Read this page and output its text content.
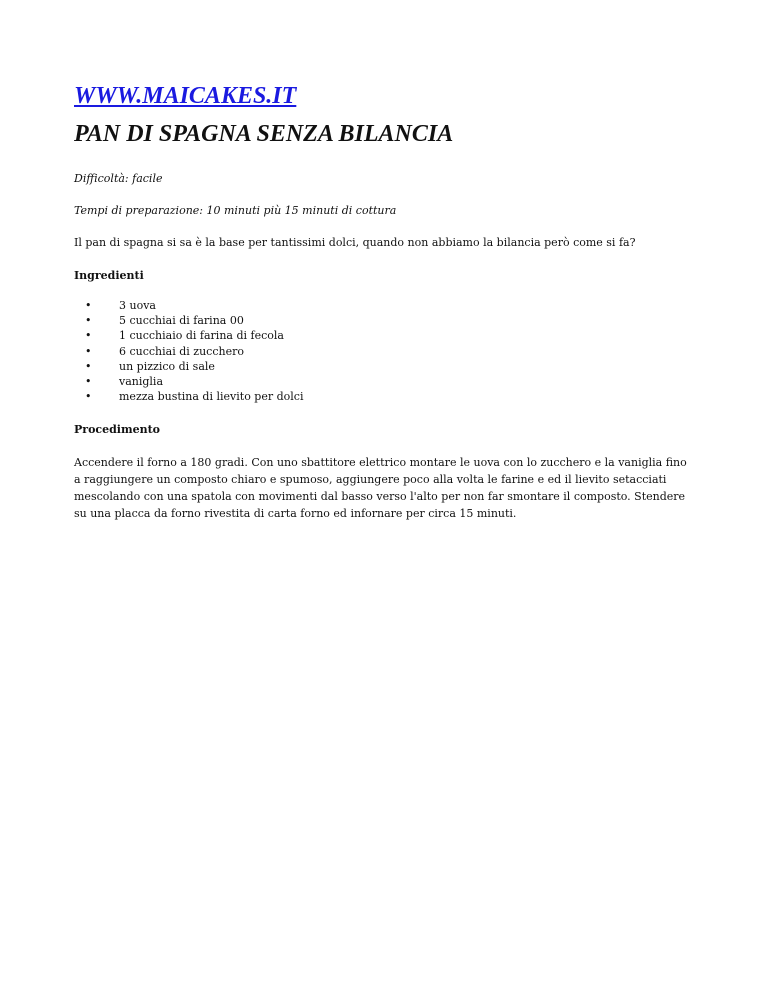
WWW.MAICAKES.IT
PAN DI SPAGNA SENZA BILANCIA

Difficoltà: facile

Tempi di preparazione: 10 minuti più 15 minuti di cottura

Il pan di spagna si sa è la base per tantissimi dolci, quando non abbiamo la bilancia però come si fa?

Ingredienti

•	3 uova
•	5 cucchiai di farina 00
•	1 cucchiaio di farina di fecola
•	6 cucchiai di zucchero
•	un pizzico di sale
•	vaniglia
•	mezza bustina di lievito per dolci

Procedimento

Accendere il forno a 180 gradi. Con uno sbattitore elettrico montare le uova con lo zucchero e la vaniglia fino a raggiungere un composto chiaro e spumoso, aggiungere poco alla volta le farine e ed il lievito setacciati mescolando con una spatola con movimenti dal basso verso l'alto per non far smontare il composto. Stendere su una placca da forno rivestita di carta forno ed infornare per circa 15 minuti.
